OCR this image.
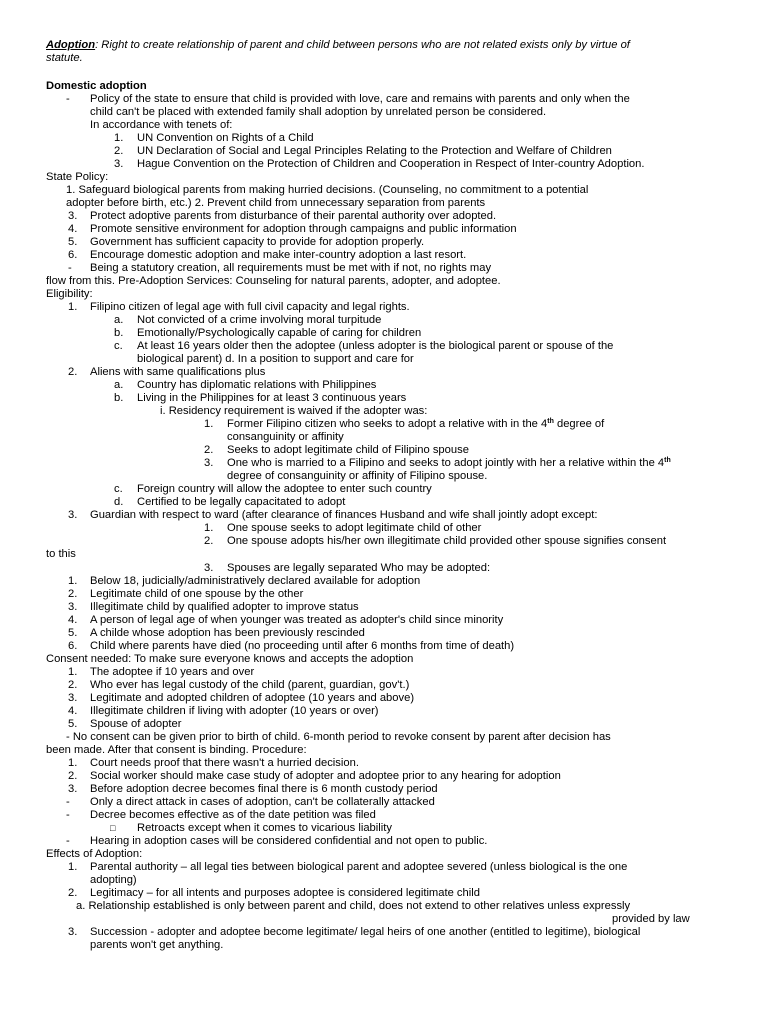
Adoption: Right to create relationship of parent and child between persons who are not related exists only by virtue of
statute.
Domestic adoption
- Policy of the state to ensure that child is provided with love, care and remains with parents and only when the
child can't be placed with extended family shall adoption by unrelated person be considered.
In accordance with tenets of:
1. UN Convention on Rights of a Child
2. UN Declaration of Social and Legal Principles Relating to the Protection and Welfare of Children
3. Hague Convention on the Protection of Children and Cooperation in Respect of Inter-country Adoption.
State Policy:
1. Safeguard biological parents from making hurried decisions. (Counseling, no commitment to a potential
adopter before birth, etc.) 2. Prevent child from unnecessary separation from parents
3. Protect adoptive parents from disturbance of their parental authority over adopted.
4. Promote sensitive environment for adoption through campaigns and public information
5. Government has sufficient capacity to provide for adoption properly.
6. Encourage domestic adoption and make inter-country adoption a last resort.
- Being a statutory creation, all requirements must be met with if not, no rights may
flow from this. Pre-Adoption Services: Counseling for natural parents, adopter, and adoptee.
Eligibility:
1. Filipino citizen of legal age with full civil capacity and legal rights.
a. Not convicted of a crime involving moral turpitude
b. Emotionally/Psychologically capable of caring for children
c. At least 16 years older then the adoptee (unless adopter is the biological parent or spouse of the
biological parent) d. In a position to support and care for
2. Aliens with same qualifications plus
a. Country has diplomatic relations with Philippines
b. Living in the Philippines for at least 3 continuous years
i. Residency requirement is waived if the adopter was:
1. Former Filipino citizen who seeks to adopt a relative with in the 4th degree of
consanguinity or affinity
2. Seeks to adopt legitimate child of Filipino spouse
3. One who is married to a Filipino and seeks to adopt jointly with her a relative within the 4th
degree of consanguinity or affinity of Filipino spouse.
c. Foreign country will allow the adoptee to enter such country
d. Certified to be legally capacitated to adopt
3. Guardian with respect to ward (after clearance of finances Husband and wife shall jointly adopt except:
1. One spouse seeks to adopt legitimate child of other
2. One spouse adopts his/her own illegitimate child provided other spouse signifies consent
to this
3. Spouses are legally separated Who may be adopted:
1. Below 18, judicially/administratively declared available for adoption
2. Legitimate child of one spouse by the other
3. Illegitimate child by qualified adopter to improve status
4. A person of legal age of when younger was treated as adopter's child since minority
5. A childe whose adoption has been previously rescinded
6. Child where parents have died (no proceeding until after 6 months from time of death)
Consent needed: To make sure everyone knows and accepts the adoption
1. The adoptee if 10 years and over
2. Who ever has legal custody of the child (parent, guardian, gov't.)
3. Legitimate and adopted children of adoptee (10 years and above)
4. Illegitimate children if living with adopter (10 years or over)
5. Spouse of adopter
- No consent can be given prior to birth of child. 6-month period to revoke consent by parent after decision has
been made. After that consent is binding. Procedure:
1. Court needs proof that there wasn't a hurried decision.
2. Social worker should make case study of adopter and adoptee prior to any hearing for adoption
3. Before adoption decree becomes final there is 6 month custody period
- Only a direct attack in cases of adoption, can't be collaterally attacked
- Decree becomes effective as of the date petition was filed
□ Retroacts except when it comes to vicarious liability
- Hearing in adoption cases will be considered confidential and not open to public.
Effects of Adoption:
1. Parental authority – all legal ties between biological parent and adoptee severed (unless biological is the one
adopting)
2. Legitimacy – for all intents and purposes adoptee is considered legitimate child
a. Relationship established is only between parent and child, does not extend to other relatives unless expressly
provided by law
3. Succession - adopter and adoptee become legitimate/ legal heirs of one another (entitled to legitime), biological
parents won't get anything.
